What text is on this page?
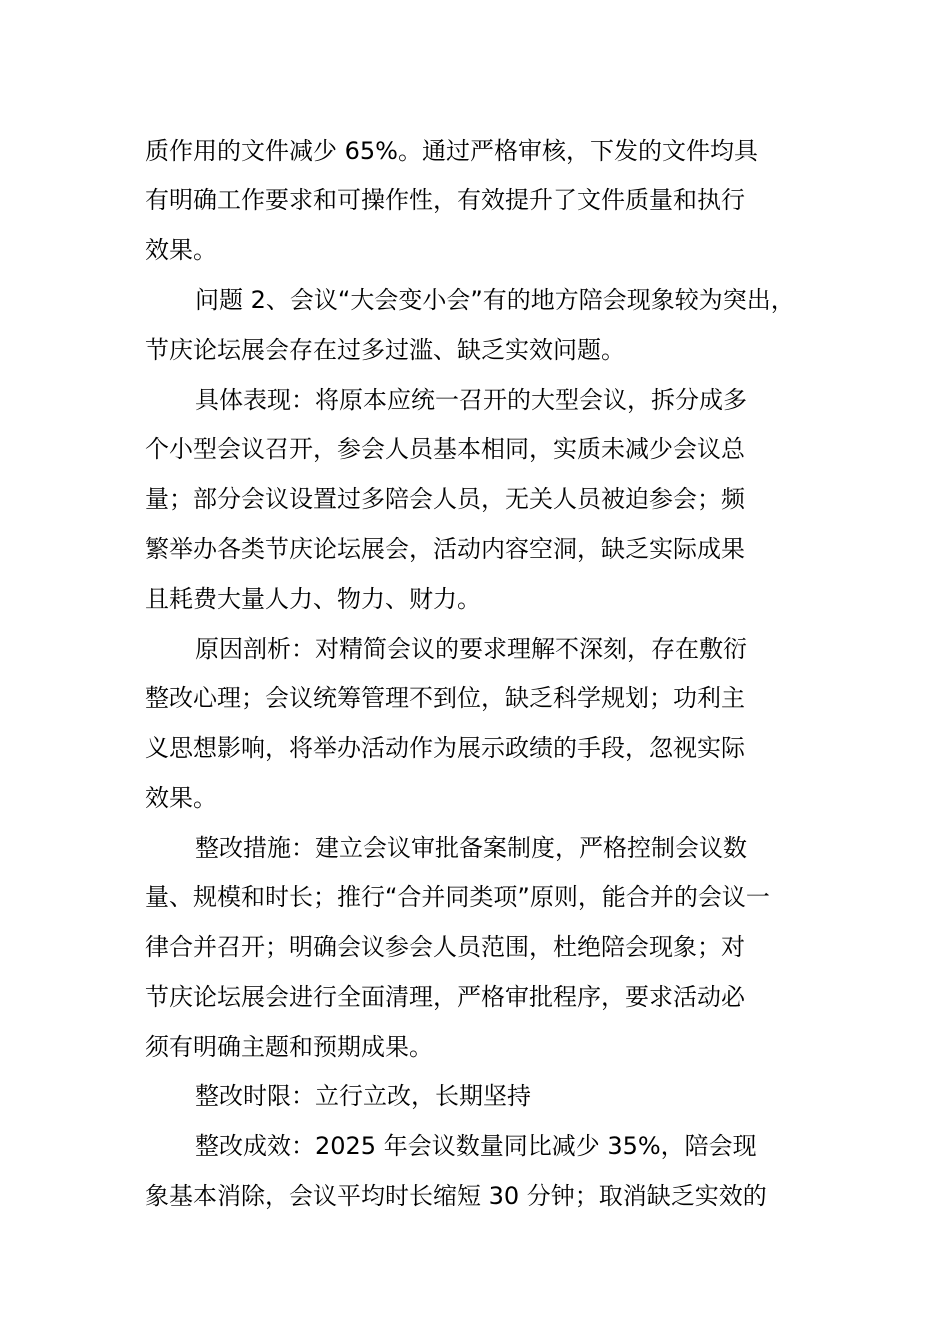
质作用的文件减少 65%。通过严格审核，下发的文件均具
有明确工作要求和可操作性，有效提升了文件质量和执行
效果。
问题 2、会议“大会变小会”有的地方陪会现象较为突出，
节庆论坛展会存在过多过滥、缺乏实效问题。
具体表现：将原本应统一召开的大型会议，拆分成多
个小型会议召开，参会人员基本相同，实质未减少会议总
量；部分会议设置过多陪会人员，无关人员被迫参会；频
繁举办各类节庆论坛展会，活动内容空洞，缺乏实际成果
且耗费大量人力、物力、财力。
原因剖析：对精简会议的要求理解不深刻，存在敷衍
整改心理；会议统筹管理不到位，缺乏科学规划；功利主
义思想影响，将举办活动作为展示政绩的手段，忽视实际
效果。
整改措施：建立会议审批备案制度，严格控制会议数
量、规模和时长；推行“合并同类项”原则，能合并的会议一
律合并召开；明确会议参会人员范围，杜绝陪会现象；对
节庆论坛展会进行全面清理，严格审批程序，要求活动必
须有明确主题和预期成果。
整改时限：立行立改，长期坚持
整改成效：2025 年会议数量同比减少 35%，陪会现
象基本消除，会议平均时长缩短 30 分钟；取消缺乏实效的
